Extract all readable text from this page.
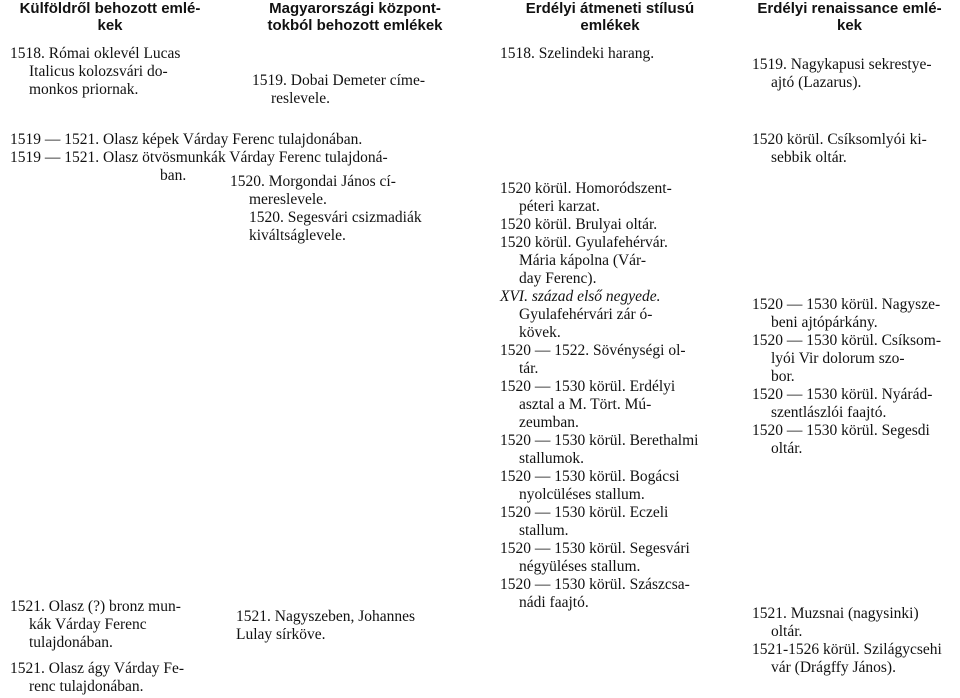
Külföldről behozott emlé-
kek
Magyarországi központ-
tokból behozott emlékek
Erdélyi átmeneti stílusú
emlékek
Erdélyi renaissance emlé-
kek
1518. Római oklevél Lucas
Italicus kolozsvári do-
monkos priornak.
1519 — 1521. Olasz képek Várday Ferenc tulajdonában.
1519 — 1521. Olasz ötvösmunkák Várday Ferenc tulajdoná-
ban.
1521. Olasz (?) bronz mun-
kák Várday Ferenc
tulajdonában.
1521. Olasz ágy Várday Fe-
renc tulajdonában.
1519. Dobai Demeter címe-
reslevele.
1520. Morgondai János cí-
mereslevele.
1520. Segesvári csizmadiák
kiváltságlevele.
1521. Nagyszeben, Johannes
Lulay sírköve.
1518. Szelindeki harang.
1520 körül. Homoródszent-
péteri karzat.
1520 körül. Brulyai oltár.
1520 körül. Gyulafehérvár.
Mária kápolna (Vár-
day Ferenc).
XVI. század első negyede.
Gyulafehérvári zár ó-
kövek.
1520 — 1522. Sövénységi ol-
tár.
1520 — 1530 körül. Erdélyi
asztal a M. Tört. Mú-
zeumban.
1520 — 1530 körül. Berethalmi
stallumok.
1520 — 1530 körül. Bogácsi
nyolcüléses stallum.
1520 — 1530 körül. Eczeli
stallum.
1520 — 1530 körül. Segesvári
négyüléses stallum.
1520 — 1530 körül. Szászcsa-
nádi faajtó.
1519. Nagykapusi sekrestye-
ajtó (Lazarus).
1520 körül. Csíksomlyói ki-
sebbik oltár.
1520 — 1530 körül. Nagysze-
beni ajtópárkány.
1520 — 1530 körül. Csíksom-
lyói Vir dolorum szo-
bor.
1520 — 1530 körül. Nyárád-
szentlászlói faajtó.
1520 — 1530 körül. Segesdi
oltár.
1521. Muzsnai (nagysinki)
oltár.
1521-1526 körül. Szilágycsehi
vár (Drágffy János).
